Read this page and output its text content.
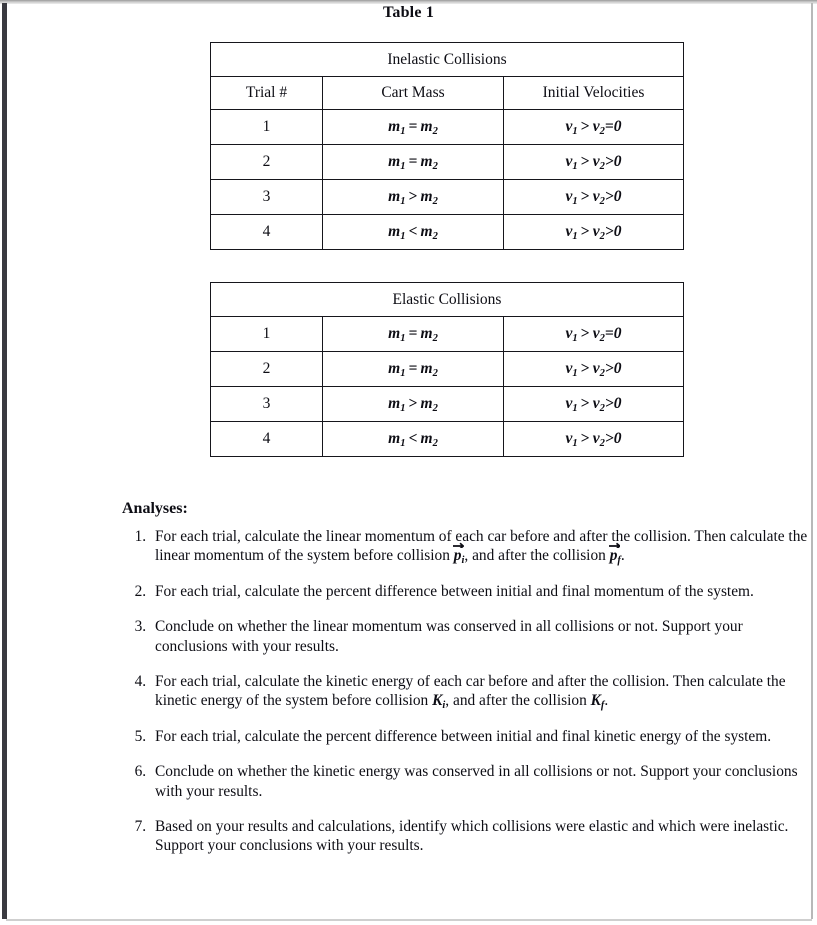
Table 1
Inelastic Collisions		
Trial #	Cart Mass	Initial Velocities
1	$m_1 = m_2$	$v_1 > v_2=0$
2	$m_1 = m_2$	$v_1 > v_2>0$
3	$m_1 > m_2$	$v_1 > v_2>0$
4	$m_1 < m_2$	$v_1 > v_2>0$
Elastic Collisions		
1	$m_1 = m_2$	$v_1 > v_2=0$
2	$m_1 = m_2$	$v_1 > v_2>0$
3	$m_1 > m_2$	$v_1 > v_2>0$
4	$m_1 < m_2$	$v_1 > v_2>0$
Analyses:
1. For each trial, calculate the linear momentum of each car before and after the collision. Then calculate the linear momentum of the system before collision
$p_i$, and after the collision
$p_f$.
2. For each trial, calculate the percent difference between initial and final momentum of the system.
3. Conclude on whether the linear momentum was conserved in all collisions or not. Support your conclusions with your results.
4. For each trial, calculate the kinetic energy of each car before and after the collision. Then calculate the kinetic energy of the system before collision $K_i$, and after the collision $K_f$.
5. For each trial, calculate the percent difference between initial and final kinetic energy of the system.
6. Conclude on whether the kinetic energy was conserved in all collisions or not. Support your conclusions with your results.
7. Based on your results and calculations, identify which collisions were elastic and which were inelastic. Support your conclusions with your results.
